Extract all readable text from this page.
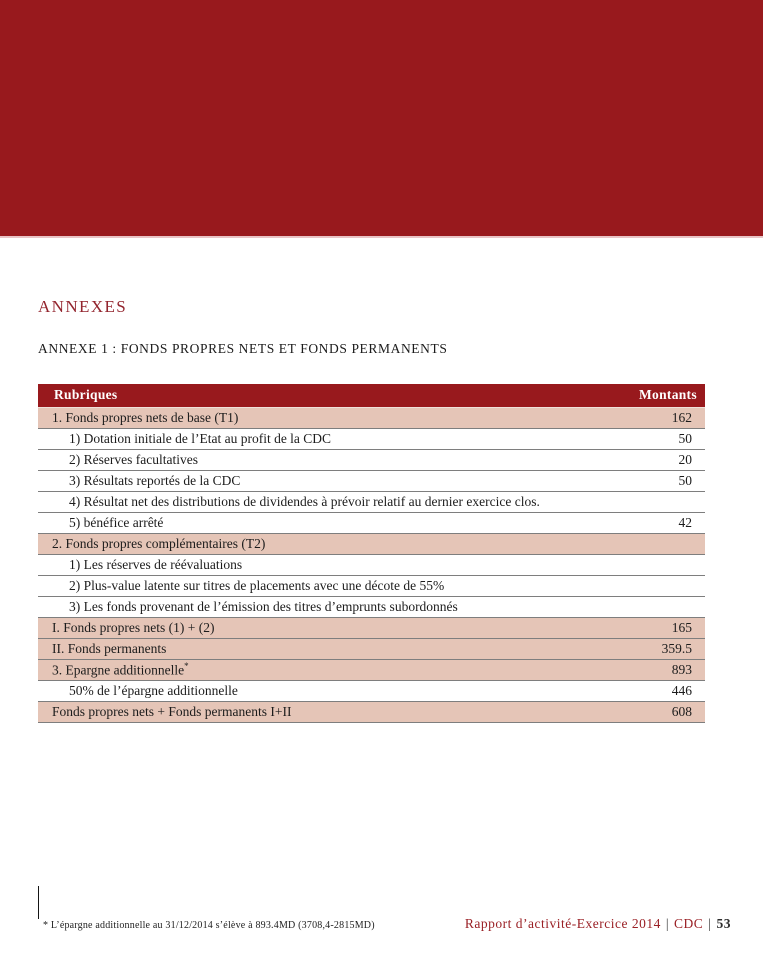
ANNEXES
ANNEXE 1 : FONDS PROPRES NETS ET FONDS PERMANENTS
Rubriques	Montants
1. Fonds propres nets de base (T1)	162
1) Dotation initiale de l’Etat au profit de la CDC	50
2) Réserves facultatives	20
3) Résultats reportés de la CDC	50
4) Résultat net des distributions de dividendes à prévoir relatif au dernier exercice clos.	
5) bénéfice arrêté	42
2. Fonds propres complémentaires (T2)	
1) Les réserves de réévaluations	
2) Plus-value latente sur titres de placements avec une décote de 55%	
3) Les fonds provenant de l’émission des titres d’emprunts subordonnés	
I. Fonds propres nets (1) + (2)	165
II. Fonds permanents	359.5
3. Epargne additionnelle*	893
50% de l’épargne additionnelle	446
Fonds propres nets + Fonds permanents I+II	608

* L’épargne additionnelle au 31/12/2014 s’élève à 893.4MD (3708,4-2815MD)	Rapport d’activité-Exercice 2014 | CDC | 53
